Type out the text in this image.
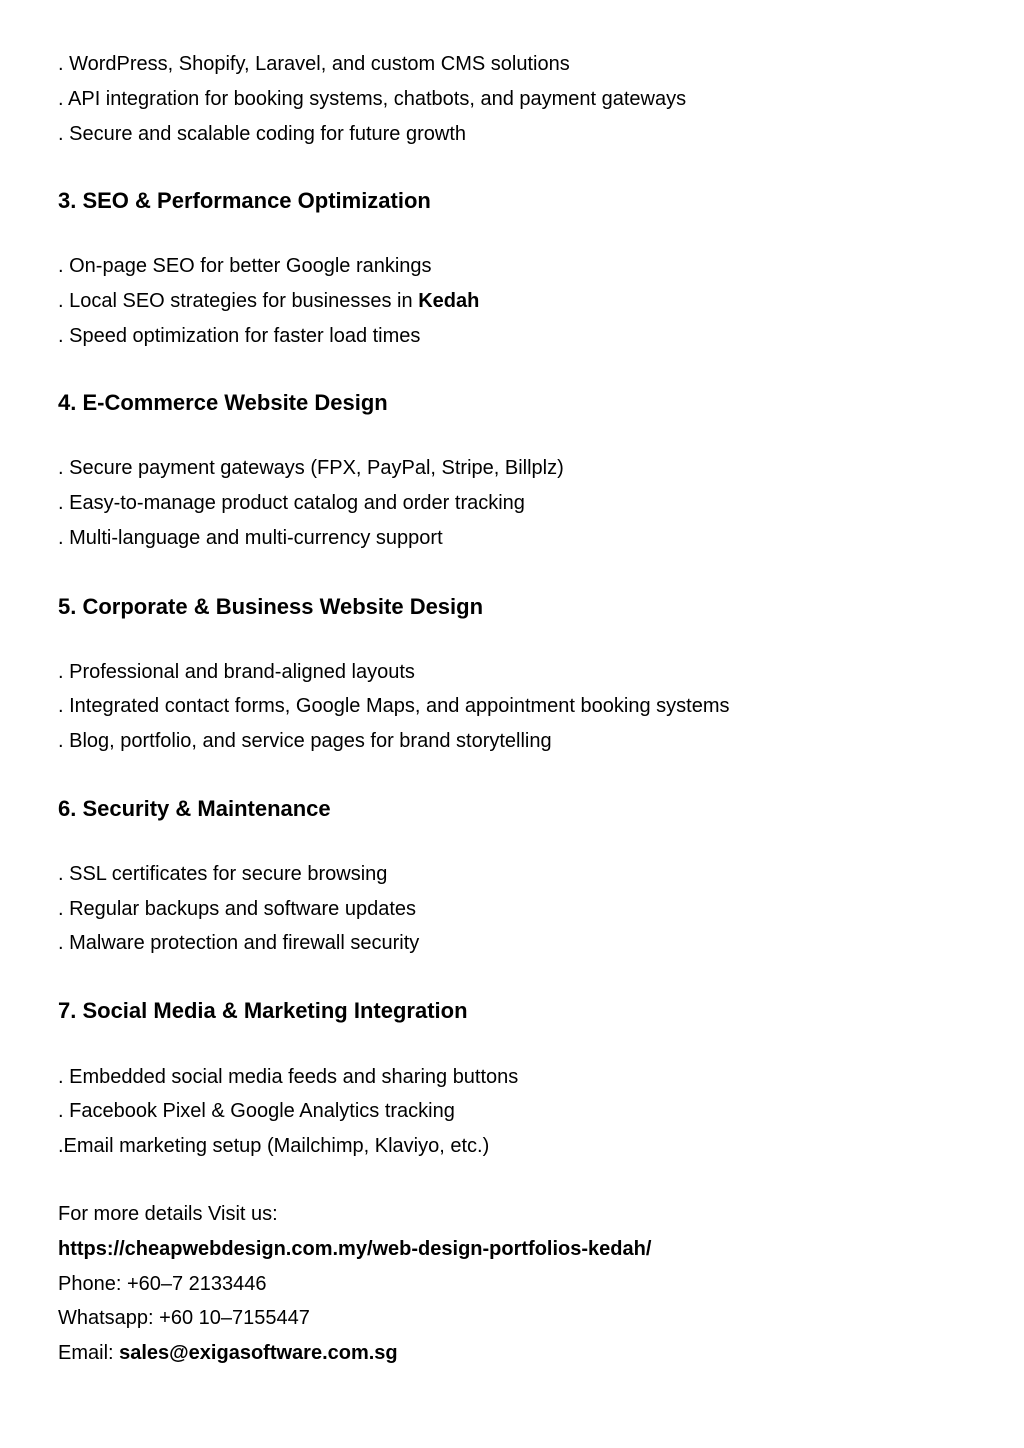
. WordPress, Shopify, Laravel, and custom CMS solutions
. API integration for booking systems, chatbots, and payment gateways
. Secure and scalable coding for future growth
3. SEO & Performance Optimization
. On-page SEO for better Google rankings
. Local SEO strategies for businesses in Kedah
. Speed optimization for faster load times
4. E-Commerce Website Design
. Secure payment gateways (FPX, PayPal, Stripe, Billplz)
. Easy-to-manage product catalog and order tracking
. Multi-language and multi-currency support
5. Corporate & Business Website Design
. Professional and brand-aligned layouts
. Integrated contact forms, Google Maps, and appointment booking systems
. Blog, portfolio, and service pages for brand storytelling
6. Security & Maintenance
. SSL certificates for secure browsing
. Regular backups and software updates
. Malware protection and firewall security
7. Social Media & Marketing Integration
. Embedded social media feeds and sharing buttons
. Facebook Pixel & Google Analytics tracking
.Email marketing setup (Mailchimp, Klaviyo, etc.)
For more details Visit us:
https://cheapwebdesign.com.my/web-design-portfolios-kedah/
Phone: +60–7 2133446
Whatsapp: +60 10–7155447
Email: sales@exigasoftware.com.sg
